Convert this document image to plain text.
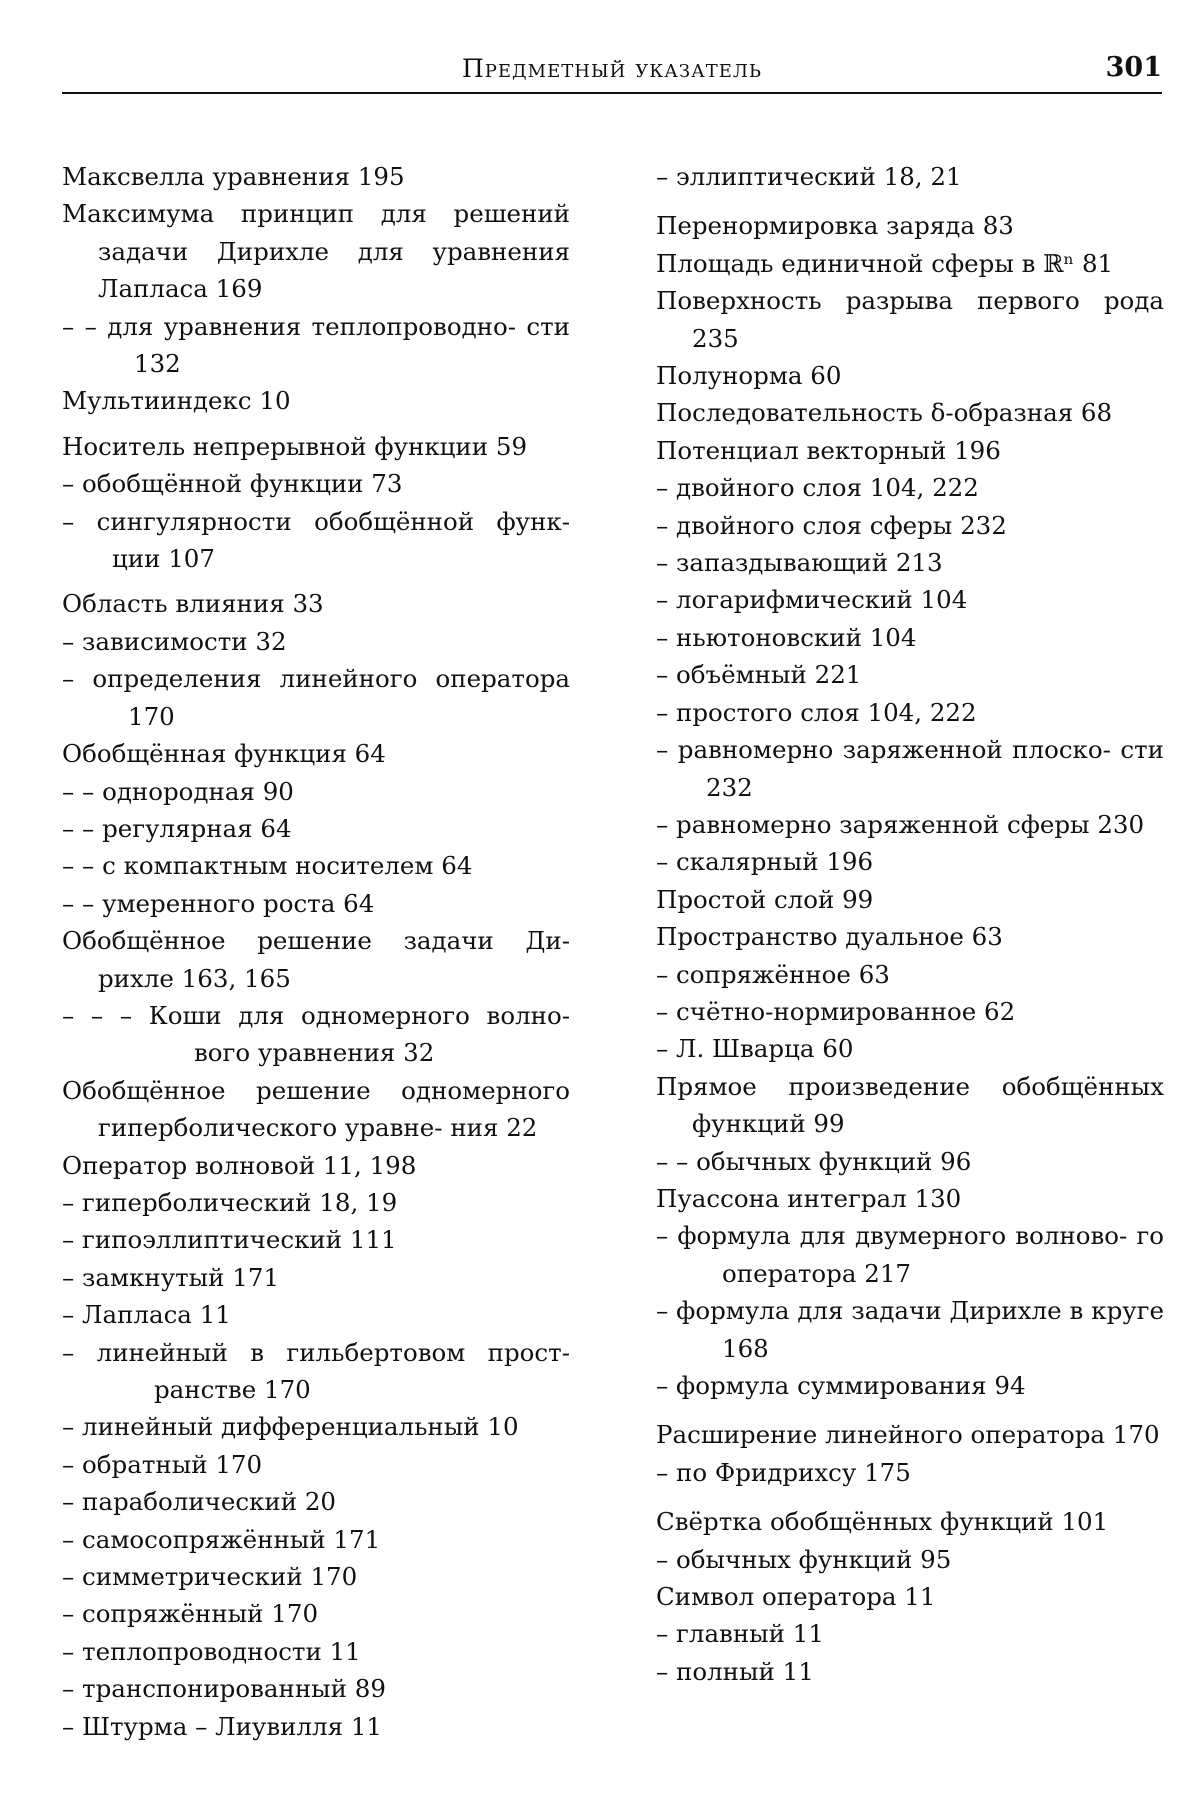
Предметный указатель	301
Максвелла уравнения 195
Максимума принцип для решений задачи Дирихле для уравнения Лапласа 169
– – для уравнения теплопроводно- сти 132
Мультииндекс 10
Носитель непрерывной функции 59
– обобщённой функции 73
– сингулярности обобщённой функ- ции 107
Область влияния 33
– зависимости 32
– определения линейного оператора 170
Обобщённая функция 64
– – однородная 90
– – регулярная 64
– – с компактным носителем 64
– – умеренного роста 64
Обобщённое решение задачи Ди- рихле 163, 165
– – – Коши для одномерного волно- вого уравнения 32
Обобщённое решение одномерного гиперболического уравне- ния 22
Оператор волновой 11, 198
– гиперболический 18, 19
– гипоэллиптический 111
– замкнутый 171
– Лапласа 11
– линейный в гильбертовом прост- ранстве 170
– линейный дифференциальный 10
– обратный 170
– параболический 20
– самосопряжённый 171
– симметрический 170
– сопряжённый 170
– теплопроводности 11
– транспонированный 89
– Штурма – Лиувилля 11
– эллиптический 18, 21
Перенормировка заряда 83
Площадь единичной сферы в ℝⁿ 81
Поверхность разрыва первого рода 235
Полунорма 60
Последовательность δ-образная 68
Потенциал векторный 196
– двойного слоя 104, 222
– двойного слоя сферы 232
– запаздывающий 213
– логарифмический 104
– ньютоновский 104
– объёмный 221
– простого слоя 104, 222
– равномерно заряженной плоско- сти 232
– равномерно заряженной сферы 230
– скалярный 196
Простой слой 99
Пространство дуальное 63
– сопряжённое 63
– счётно-нормированное 62
– Л. Шварца 60
Прямое произведение обобщённых функций 99
– – обычных функций 96
Пуассона интеграл 130
– формула для двумерного волново- го оператора 217
– формула для задачи Дирихле в круге 168
– формула суммирования 94
Расширение линейного оператора 170
– по Фридрихсу 175
Свёртка обобщённых функций 101
– обычных функций 95
Символ оператора 11
– главный 11
– полный 11
